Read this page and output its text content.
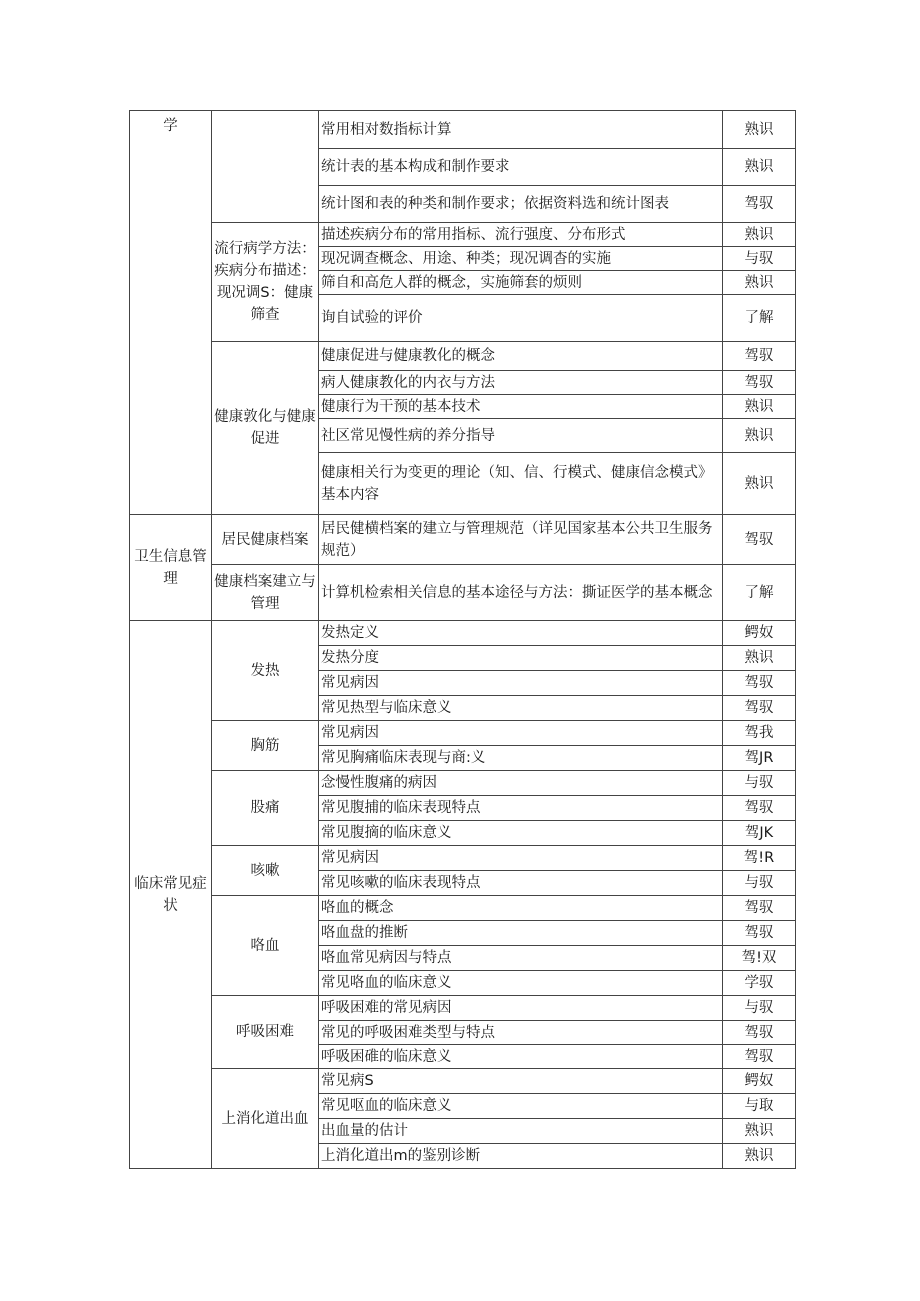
学		常用相对数指标计算	熟识
		统计表的基本构成和制作要求	熟识
		统计图和表的种类和制作要求；依据资料选和统计图表	驾驭
	流行病学方法：疾病分布描述：现况调S：健康筛查	描述疾病分布的常用指标、流行强度、分布形式	熟识
		现况调查概念、用途、种类；现况调杳的实施	与驭
		筛自和高危人群的概念，实施筛套的烦则	熟识
		询自试验的评价	了解
	健康敦化与健康促进	健康促进与健康教化的概念	驾驭
		病人健康教化的内衣与方法	驾驭
		健康行为干预的基本技术	熟识
		社区常见慢性病的养分指导	熟识
		健康相关行为变更的理论（知、信、行模式、健康信念模式》基本内容	熟识
卫生信息管理	居民健康档案	居民健横档案的建立与管理规范（详见国家基本公共卫生服务规范）	驾驭
	健康档案建立与管理	计算机检索相关信息的基本途径与方法：撕证医学的基本概念	了解
临床常见症状	发热	发热定义	鳄奴
		发热分度	熟识
		常见病因	驾驭
		常见热型与临床意义	驾驭
	胸筋	常见病因	驾我
		常见胸痛临床表现与商:义	驾JR
	股痛	念慢性腹痛的病因	与驭
		常见腹捕的临床表现特点	驾驭
		常见腹摘的临床意义	驾JK
	咳嗽	常见病因	驾!R
		常见咳嗽的临床表现特点	与驭
	咯血	咯血的概念	驾驭
		咯血盘的推断	驾驭
		咯血常见病因与特点	驾!双
		常见咯血的临床意义	学驭
	呼吸困难	呼吸困难的常见病因	与驭
		常见的呼吸困难类型与特点	驾驭
		呼吸困碓的临床意义	驾驭
	上消化道出血	常见病S	鳄奴
		常见呕血的临床意义	与取
		出血量的估计	熟识
		上消化道出m的鉴别诊断	熟识
